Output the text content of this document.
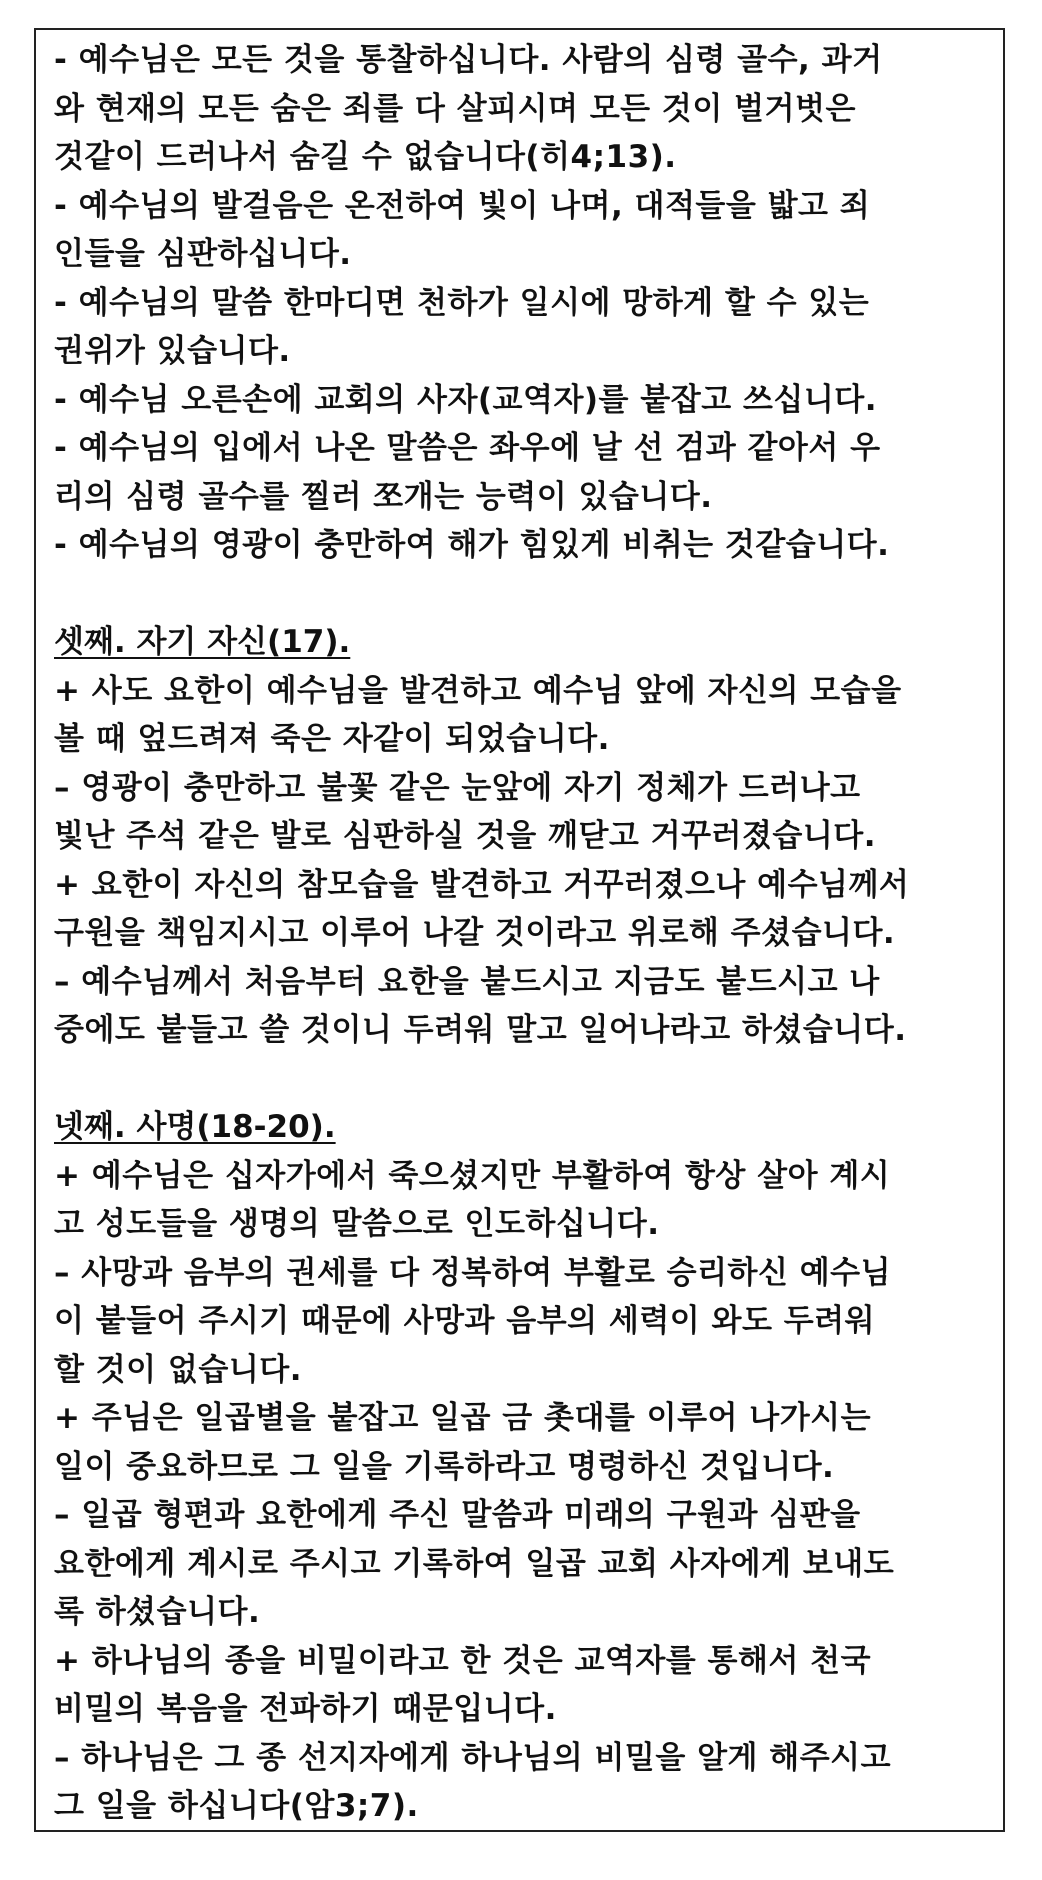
- 예수님은 모든 것을 통찰하십니다. 사람의 심령 골수, 과거
와 현재의 모든 숨은 죄를 다 살피시며 모든 것이 벌거벗은
것같이 드러나서 숨길 수 없습니다(히4;13).
- 예수님의 발걸음은 온전하여 빛이 나며, 대적들을 밟고 죄
인들을 심판하십니다.
- 예수님의 말씀 한마디면 천하가 일시에 망하게 할 수 있는
권위가 있습니다.
- 예수님 오른손에 교회의 사자(교역자)를 붙잡고 쓰십니다.
- 예수님의 입에서 나온 말씀은 좌우에 날 선 검과 같아서 우
리의 심령 골수를 찔러 쪼개는 능력이 있습니다.
- 예수님의 영광이 충만하여 해가 힘있게 비취는 것같습니다.
셋째. 자기 자신(17).
+ 사도 요한이 예수님을 발견하고 예수님 앞에 자신의 모습을
볼 때 엎드려져 죽은 자같이 되었습니다.
– 영광이 충만하고 불꽃 같은 눈앞에 자기 정체가 드러나고
빛난 주석 같은 발로 심판하실 것을 깨닫고 거꾸러졌습니다.
+ 요한이 자신의 참모습을 발견하고 거꾸러졌으나 예수님께서
구원을 책임지시고 이루어 나갈 것이라고 위로해 주셨습니다.
– 예수님께서 처음부터 요한을 붙드시고 지금도 붙드시고 나
중에도 붙들고 쓸 것이니 두려워 말고 일어나라고 하셨습니다.
넷째. 사명(18-20).
+ 예수님은 십자가에서 죽으셨지만 부활하여 항상 살아 계시
고 성도들을 생명의 말씀으로 인도하십니다.
– 사망과 음부의 권세를 다 정복하여 부활로 승리하신 예수님
이 붙들어 주시기 때문에 사망과 음부의 세력이 와도 두려워
할 것이 없습니다.
+ 주님은 일곱별을 붙잡고 일곱 금 촛대를 이루어 나가시는
일이 중요하므로 그 일을 기록하라고 명령하신 것입니다.
– 일곱 형편과 요한에게 주신 말씀과 미래의 구원과 심판을
요한에게 계시로 주시고 기록하여 일곱 교회 사자에게 보내도
록 하셨습니다.
+ 하나님의 종을 비밀이라고 한 것은 교역자를 통해서 천국
비밀의 복음을 전파하기 때문입니다.
– 하나님은 그 종 선지자에게 하나님의 비밀을 알게 해주시고
그 일을 하십니다(암3;7).
